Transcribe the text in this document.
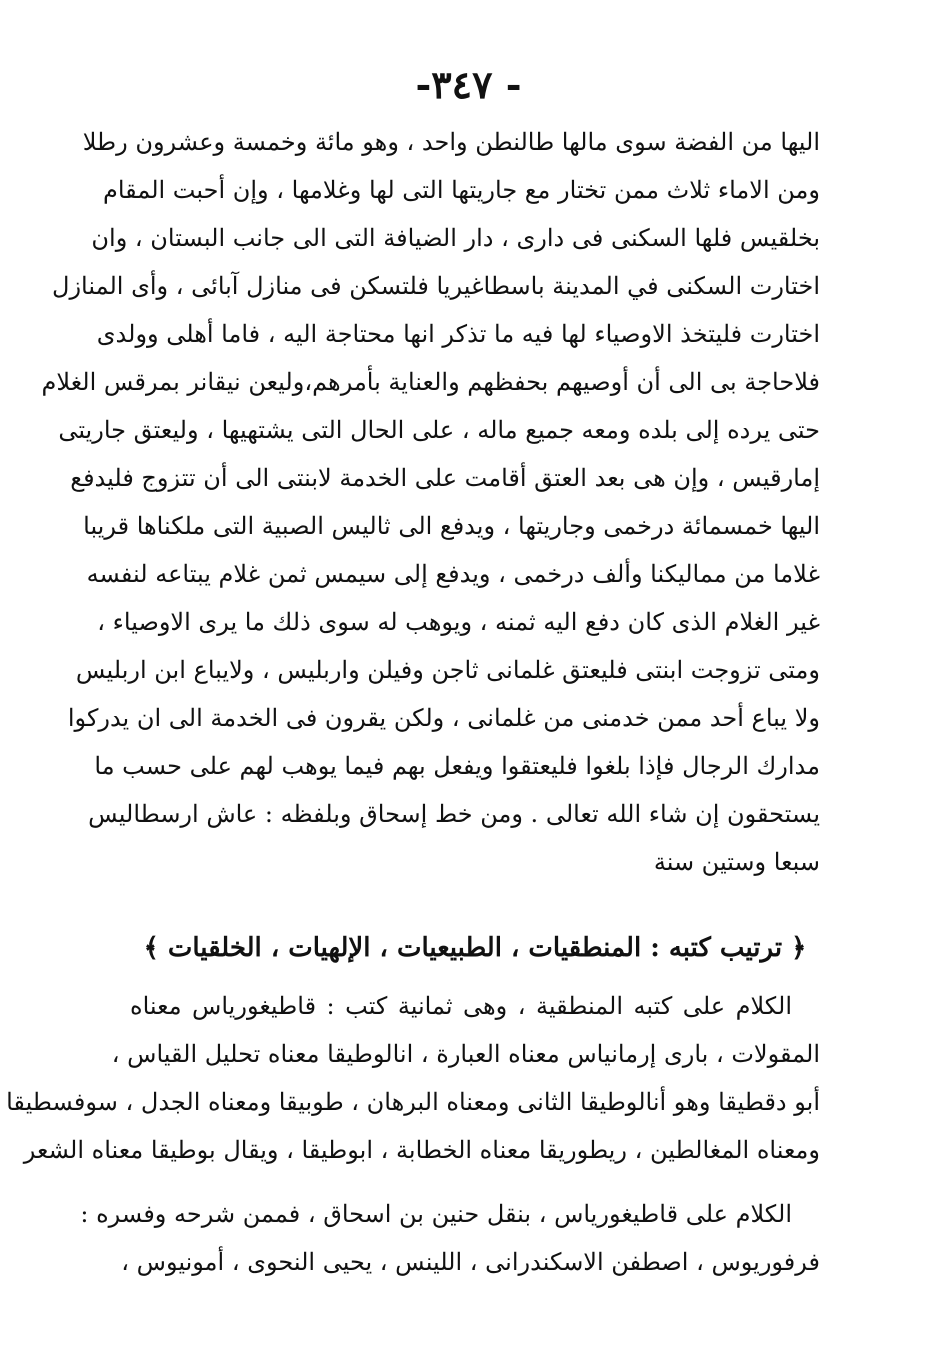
-٣٤٧ -
اليها من الفضة سوى مالها طالنطن واحد ، وهو مائة وخمسة وعشرون رطلا
ومن الاماء ثلاث ممن تختار مع جاريتها التى لها وغلامها ، وإن أحبت المقام
بخلقيس فلها السكنى فى دارى ، دار الضيافة التى الى جانب البستان ، وان
اختارت السكنى في المدينة باسطاغيريا فلتسكن فى منازل آبائى ، وأى المنازل
اختارت فليتخذ الاوصياء لها فيه ما تذكر انها محتاجة اليه ، فاما أهلى وولدى
فلاحاجة بى الى أن أوصيهم بحفظهم والعناية بأمرهم،وليعن نيقانر بمرقس الغلام
حتى يرده إلى بلده ومعه جميع ماله ، على الحال التى يشتهيها ، وليعتق جاريتى
إمارقيس ، وإن هى بعد العتق أقامت على الخدمة لابنتى الى أن تتزوج فليدفع
اليها خمسمائة درخمى وجاريتها ، ويدفع الى ثاليس الصبية التى ملكناها قريبا
غلاما من مماليكنا وألف درخمى ، ويدفع إلى سيمس ثمن غلام يبتاعه لنفسه
غير الغلام الذى كان دفع اليه ثمنه ، ويوهب له سوى ذلك ما يرى الاوصياء ،
ومتى تزوجت ابنتى فليعتق غلمانى ثاجن وفيلن واربليس ، ولايباع ابن اربليس
ولا يباع أحد ممن خدمنى من غلمانى ، ولكن يقرون فى الخدمة الى ان يدركوا
مدارك الرجال فإذا بلغوا فليعتقوا ويفعل بهم فيما يوهب لهم على حسب ما
يستحقون إن شاء الله تعالى . ومن خط إسحاق وبلفظه : عاش ارسطاليس
سبعا وستين سنة
﴿ ترتيب كتبه : المنطقيات ، الطبيعيات ، الإلهيات ، الخلقيات ﴾
الكلام على كتبه المنطقية ، وهى ثمانية كتب : قاطيغورياس معناه
المقولات ، بارى إرمانياس معناه العبارة ، انالوطيقا معناه تحليل القياس ،
أبو دقطيقا وهو أنالوطيقا الثانى ومعناه البرهان ، طوبيقا ومعناه الجدل ، سوفسطيقا
ومعناه المغالطين ، ريطوريقا معناه الخطابة ، ابوطيقا ، ويقال بوطيقا معناه الشعر
الكلام على قاطيغورياس ، بنقل حنين بن اسحاق ، فممن شرحه وفسره :
فرفوريوس ، اصطفن الاسكندرانى ، اللينس ، يحيى النحوى ، أمونيوس ،
